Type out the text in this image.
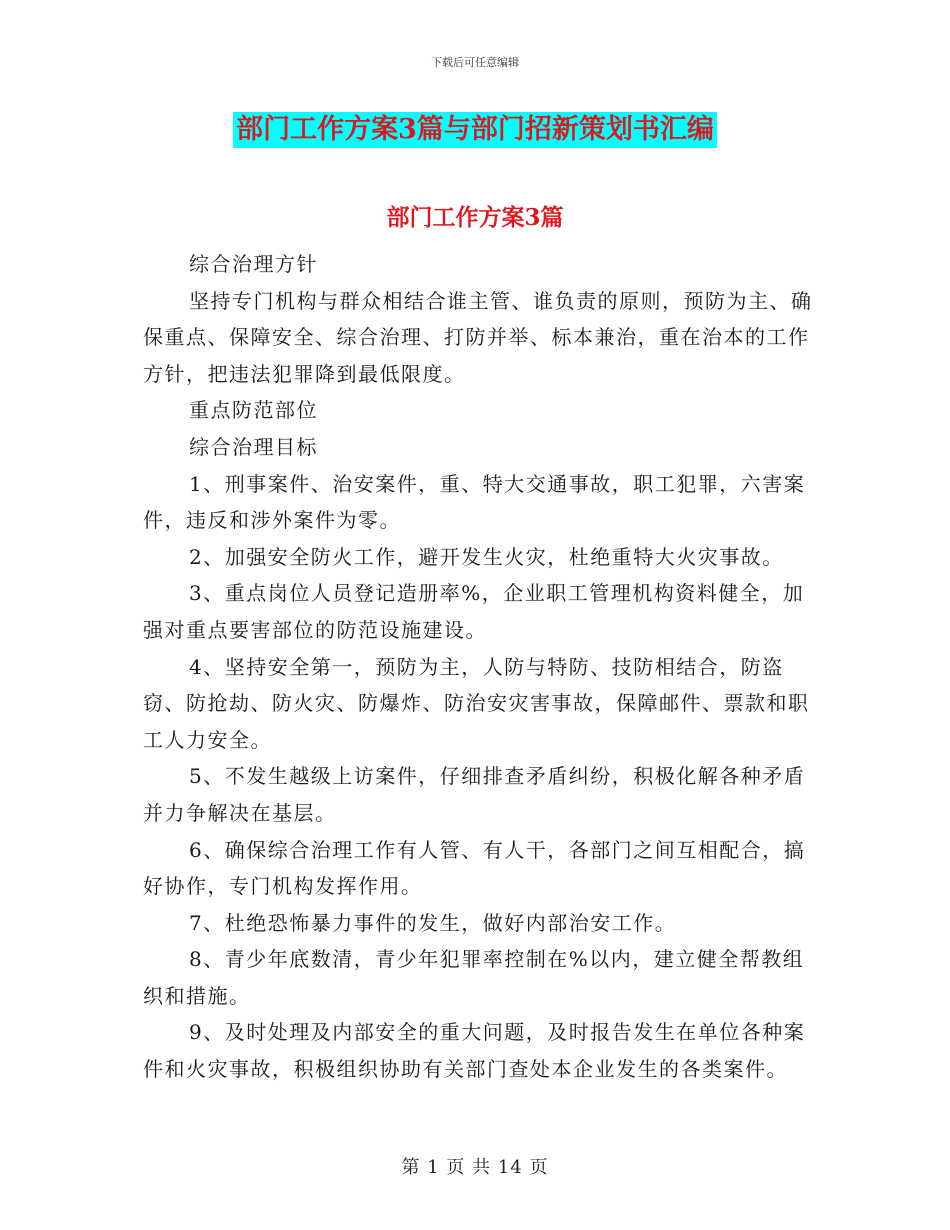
下载后可任意编辑
部门工作方案3篇与部门招新策划书汇编
部门工作方案3篇

综合治理方针

坚持专门机构与群众相结合谁主管、谁负责的原则，预防为主、确保重点、保障安全、综合治理、打防并举、标本兼治，重在治本的工作方针，把违法犯罪降到最低限度。

重点防范部位

综合治理目标

1、刑事案件、治安案件，重、特大交通事故，职工犯罪，六害案件，违反和涉外案件为零。

2、加强安全防火工作，避开发生火灾，杜绝重特大火灾事故。

3、重点岗位人员登记造册率%，企业职工管理机构资料健全，加强对重点要害部位的防范设施建设。

4、坚持安全第一，预防为主，人防与特防、技防相结合，防盗窃、防抢劫、防火灾、防爆炸、防治安灾害事故，保障邮件、票款和职工人力安全。

5、不发生越级上访案件，仔细排查矛盾纠纷，积极化解各种矛盾并力争解决在基层。

6、确保综合治理工作有人管、有人干，各部门之间互相配合，搞好协作，专门机构发挥作用。

7、杜绝恐怖暴力事件的发生，做好内部治安工作。

8、青少年底数清，青少年犯罪率控制在%以内，建立健全帮教组织和措施。

9、及时处理及内部安全的重大问题，及时报告发生在单位各种案件和火灾事故，积极组织协助有关部门查处本企业发生的各类案件。

第 1 页 共 14 页
